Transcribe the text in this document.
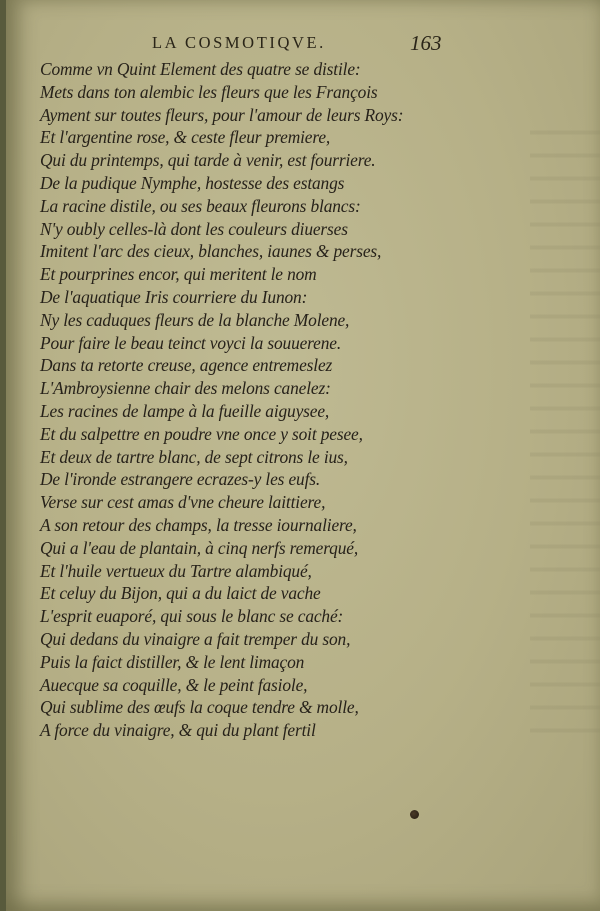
LA COSMOTIQVE.	163
Comme vn Quint Element des quatre se distile:
Mets dans ton alembic les fleurs que les François
Ayment sur toutes fleurs, pour l'amour de leurs Roys:
Et l'argentine rose, & ceste fleur premiere,
Qui du printemps, qui tarde à venir, est fourriere.
De la pudique Nymphe, hostesse des estangs
La racine distile, ou ses beaux fleurons blancs:
N'y oubly celles-là dont les couleurs diuerses
Imitent l'arc des cieux, blanches, iaunes & perses,
Et pourprines encor, qui meritent le nom
De l'aquatique Iris courriere du Iunon:
Ny les caduques fleurs de la blanche Molene,
Pour faire le beau teinct voyci la souuerene.
Dans ta retorte creuse, agence entremeslez
L'Ambroysienne chair des melons canelez:
Les racines de lampe à la fueille aiguysee,
Et du salpettre en poudre vne once y soit pesee,
Et deux de tartre blanc, de sept citrons le ius,
De l'ironde estrangere ecrazes-y les eufs.
Verse sur cest amas d'vne cheure laittiere,
A son retour des champs, la tresse iournaliere,
Qui a l'eau de plantain, à cinq nerfs remerqué,
Et l'huile vertueux du Tartre alambiqué,
Et celuy du Bijon, qui a du laict de vache
L'esprit euaporé, qui sous le blanc se caché:
Qui dedans du vinaigre a fait tremper du son,
Puis la faict distiller, & le lent limaçon
Auecque sa coquille, & le peint fasiole,
Qui sublime des œufs la coque tendre & molle,
A force du vinaigre, & qui du plant fertil
